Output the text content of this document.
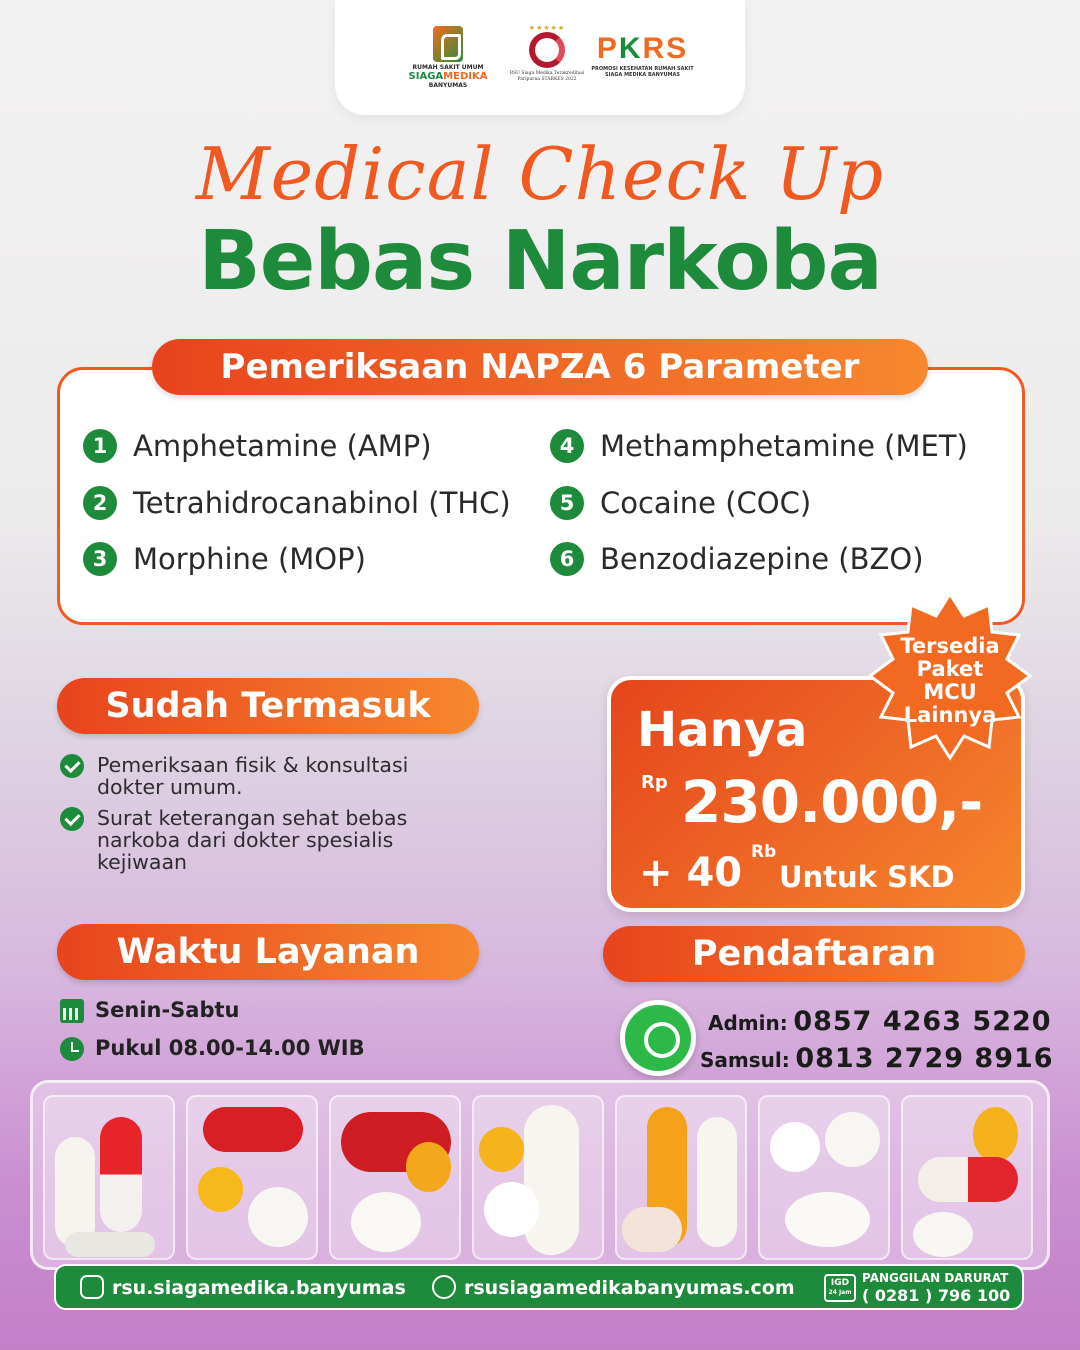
RUMAH SAKIT UMUM
SIAGAMEDIKA
BANYUMAS
★★★★★
RSU Siaga Medika Terakreditasi Paripurna STARKES 2022
PKRS
PROMOSI KESEHATAN RUMAH SAKIT SIAGA MEDIKA BANYUMAS
Medical Check Up
Bebas Narkoba
1 Amphetamine (AMP)
2 Tetrahidrocanabinol (THC)
3 Morphine (MOP)
4 Methamphetamine (MET)
5 Cocaine (COC)
6 Benzodiazepine (BZO)
Pemeriksaan NAPZA 6 Parameter
Sudah Termasuk
Pemeriksaan fisik & konsultasi dokter umum.
Surat keterangan sehat bebas narkoba dari dokter spesialis kejiwaan
Hanya
Rp 230.000,-
+ 40 Rb
Untuk SKD
Tersedia
Paket
MCU
Lainnya
Waktu Layanan
Senin-Sabtu
Pukul 08.00-14.00 WIB
Pendaftaran
Admin: 0857 4263 5220
Samsul: 0813 2729 8916
rsu.siagamedika.banyumas	rsusiagamedikabanyumas.com	IGD
24 Jam
PANGGILAN DARURAT
( 0281 ) 796 100
